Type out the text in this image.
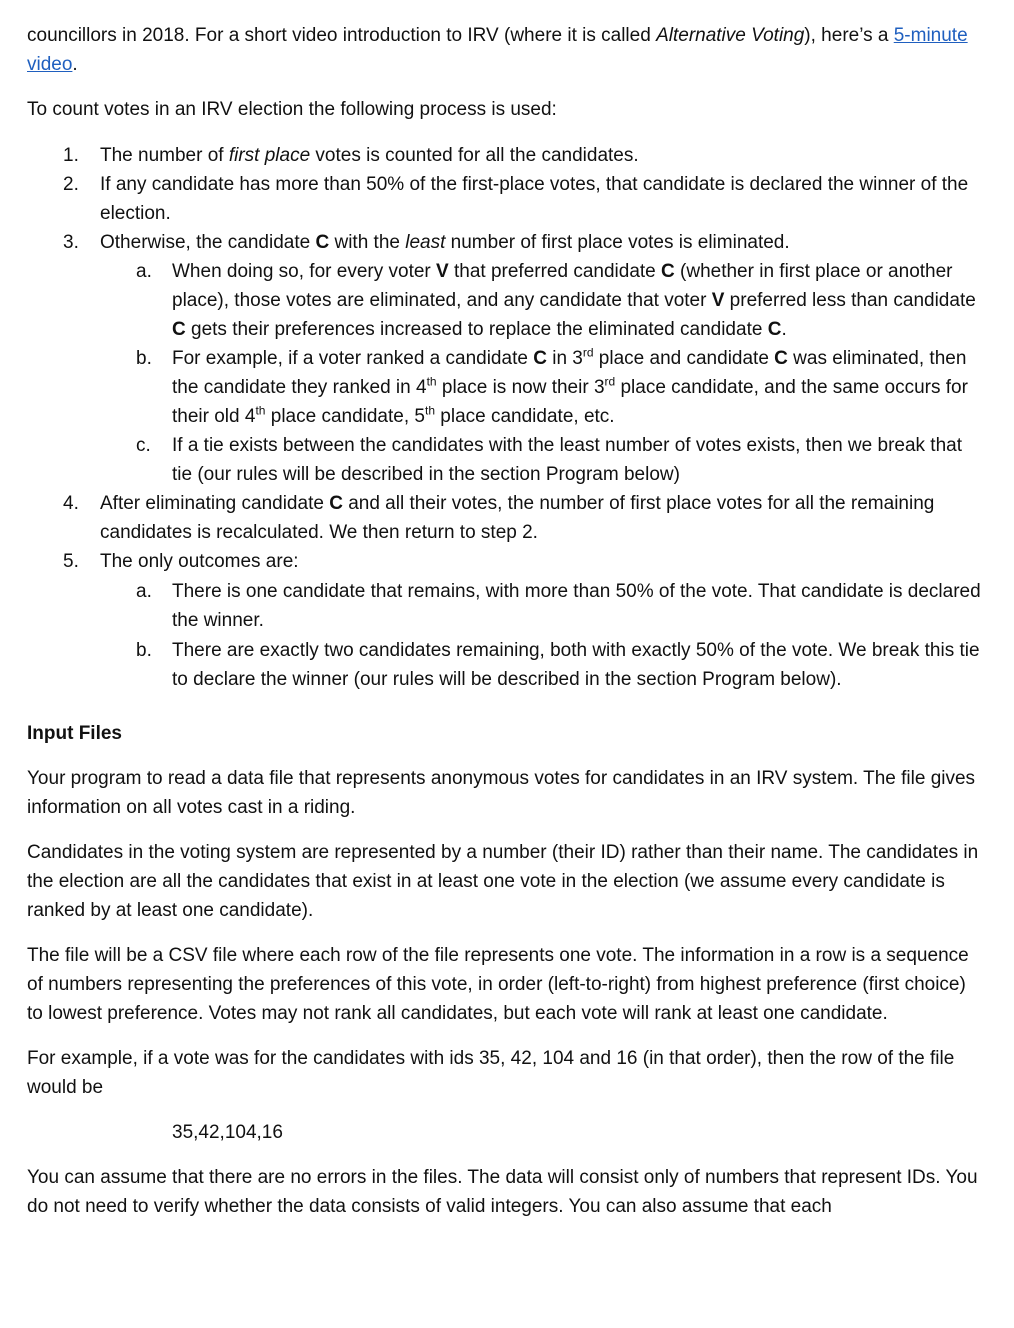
councillors in 2018. For a short video introduction to IRV (where it is called Alternative Voting), here’s a 5-minute video.

To count votes in an IRV election the following process is used:

1. The number of first place votes is counted for all the candidates.
2. If any candidate has more than 50% of the first-place votes, that candidate is declared the winner of the election.
3. Otherwise, the candidate C with the least number of first place votes is eliminated.
a. When doing so, for every voter V that preferred candidate C (whether in first place or another place), those votes are eliminated, and any candidate that voter V preferred less than candidate C gets their preferences increased to replace the eliminated candidate C.
b. For example, if a voter ranked a candidate C in 3rd place and candidate C was eliminated, then the candidate they ranked in 4th place is now their 3rd place candidate, and the same occurs for their old 4th place candidate, 5th place candidate, etc.
c. If a tie exists between the candidates with the least number of votes exists, then we break that tie (our rules will be described in the section Program below)
4. After eliminating candidate C and all their votes, the number of first place votes for all the remaining candidates is recalculated. We then return to step 2.
5. The only outcomes are:
a. There is one candidate that remains, with more than 50% of the vote. That candidate is declared the winner.
b. There are exactly two candidates remaining, both with exactly 50% of the vote. We break this tie to declare the winner (our rules will be described in the section Program below).

Input Files

Your program to read a data file that represents anonymous votes for candidates in an IRV system. The file gives information on all votes cast in a riding.

Candidates in the voting system are represented by a number (their ID) rather than their name. The candidates in the election are all the candidates that exist in at least one vote in the election (we assume every candidate is ranked by at least one candidate).

The file will be a CSV file where each row of the file represents one vote. The information in a row is a sequence of numbers representing the preferences of this vote, in order (left-to-right) from highest preference (first choice) to lowest preference. Votes may not rank all candidates, but each vote will rank at least one candidate.

For example, if a vote was for the candidates with ids 35, 42, 104 and 16 (in that order), then the row of the file would be

35,42,104,16

You can assume that there are no errors in the files. The data will consist only of numbers that represent IDs. You do not need to verify whether the data consists of valid integers. You can also assume that each
